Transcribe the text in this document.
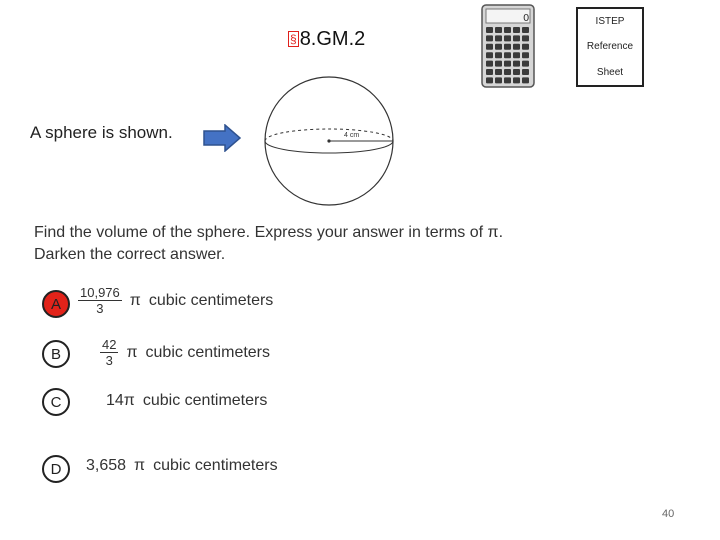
§ 8.GM.2
0	ISTEP
Reference
Sheet
A sphere is shown.	4 cm
Find the volume of the sphere. Express your answer in terms of π.
Darken the correct answer.
A $\frac{10,976}{3}$ π cubic centimeters
B	$\frac{42}{3}$ π cubic centimeters
C	14π cubic centimeters
D 3,658 π cubic centimeters
40
